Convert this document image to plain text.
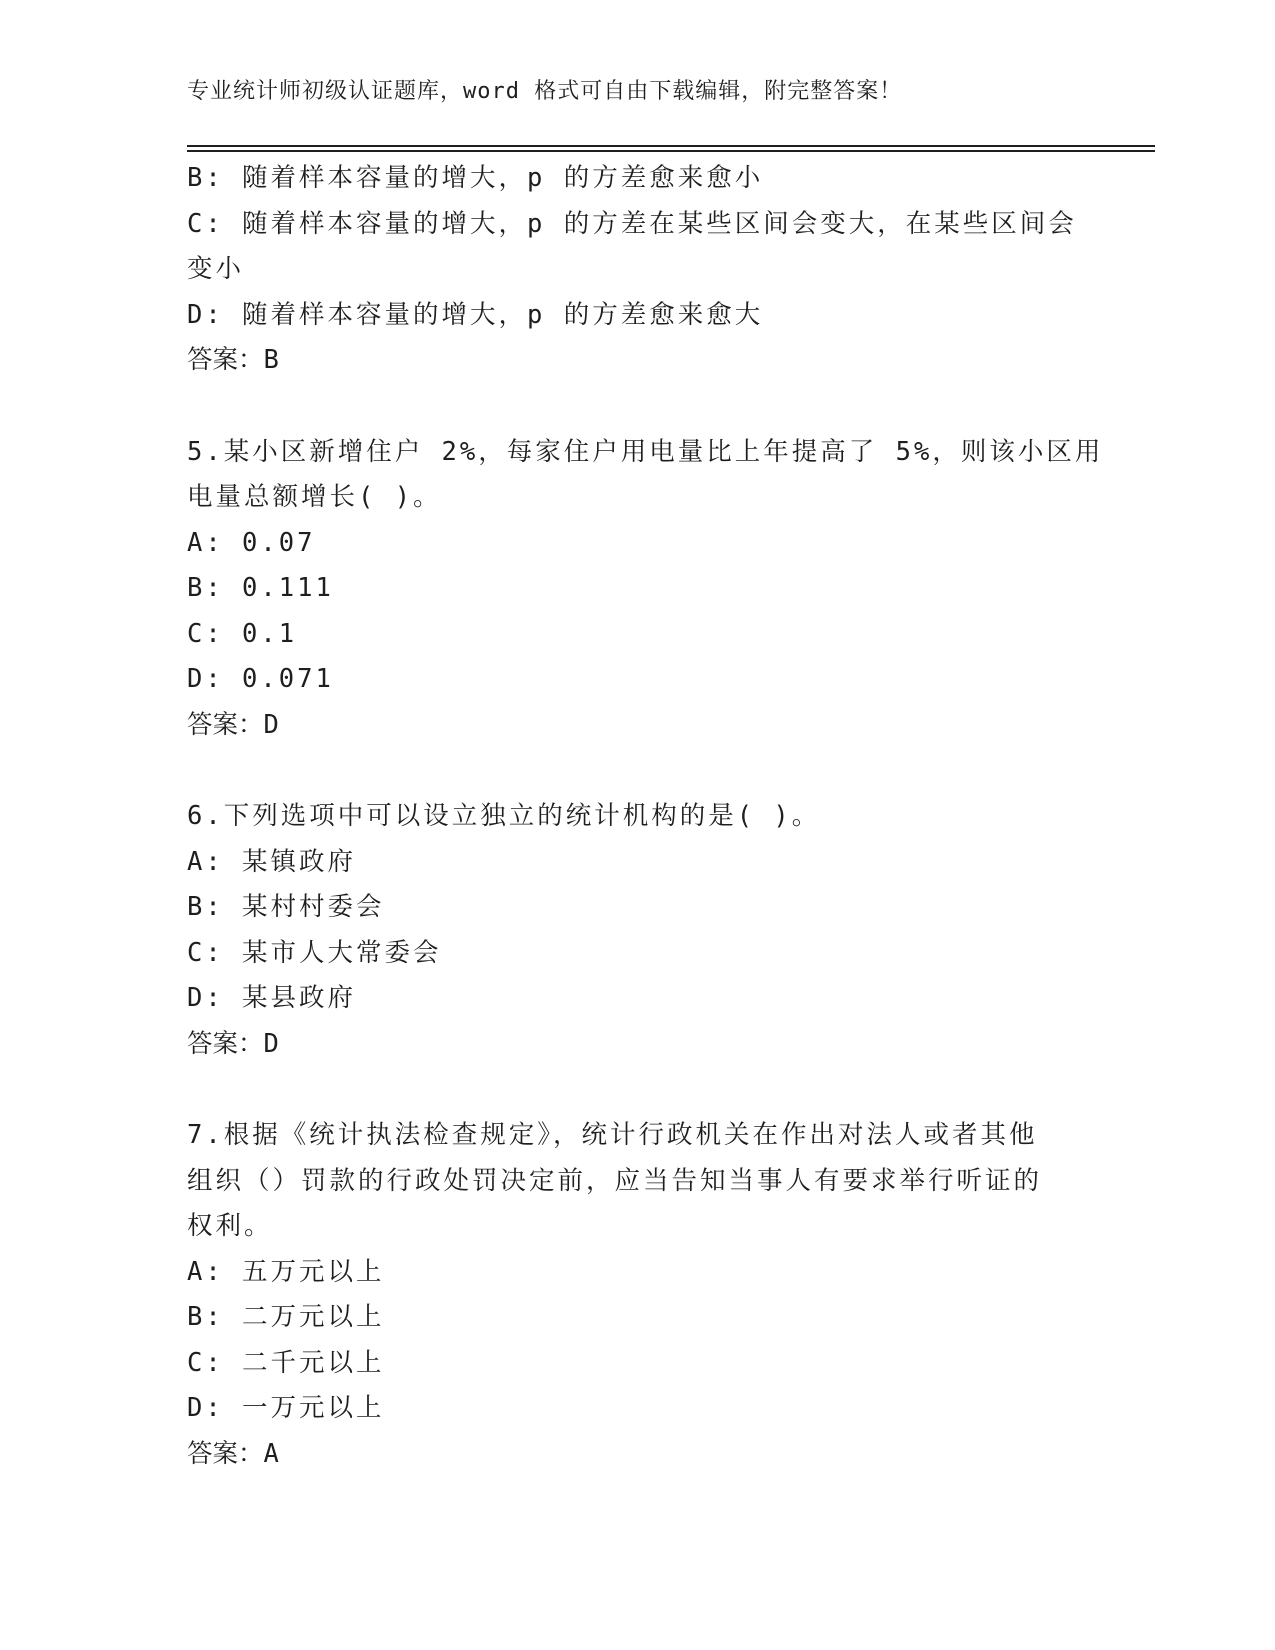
专业统计师初级认证题库，word 格式可自由下载编辑，附完整答案！
B: 随着样本容量的增大，p 的方差愈来愈小
C: 随着样本容量的增大，p 的方差在某些区间会变大，在某些区间会
变小
D: 随着样本容量的增大，p 的方差愈来愈大
答案：B
5.某小区新增住户 2%，每家住户用电量比上年提高了 5%，则该小区用
电量总额增长( )。
A: 0.07
B: 0.111
C: 0.1
D: 0.071
答案：D
6.下列选项中可以设立独立的统计机构的是( )。
A: 某镇政府
B: 某村村委会
C: 某市人大常委会
D: 某县政府
答案：D
7.根据《统计执法检查规定》，统计行政机关在作出对法人或者其他
组织（）罚款的行政处罚决定前，应当告知当事人有要求举行听证的
权利。
A: 五万元以上
B: 二万元以上
C: 二千元以上
D: 一万元以上
答案：A
